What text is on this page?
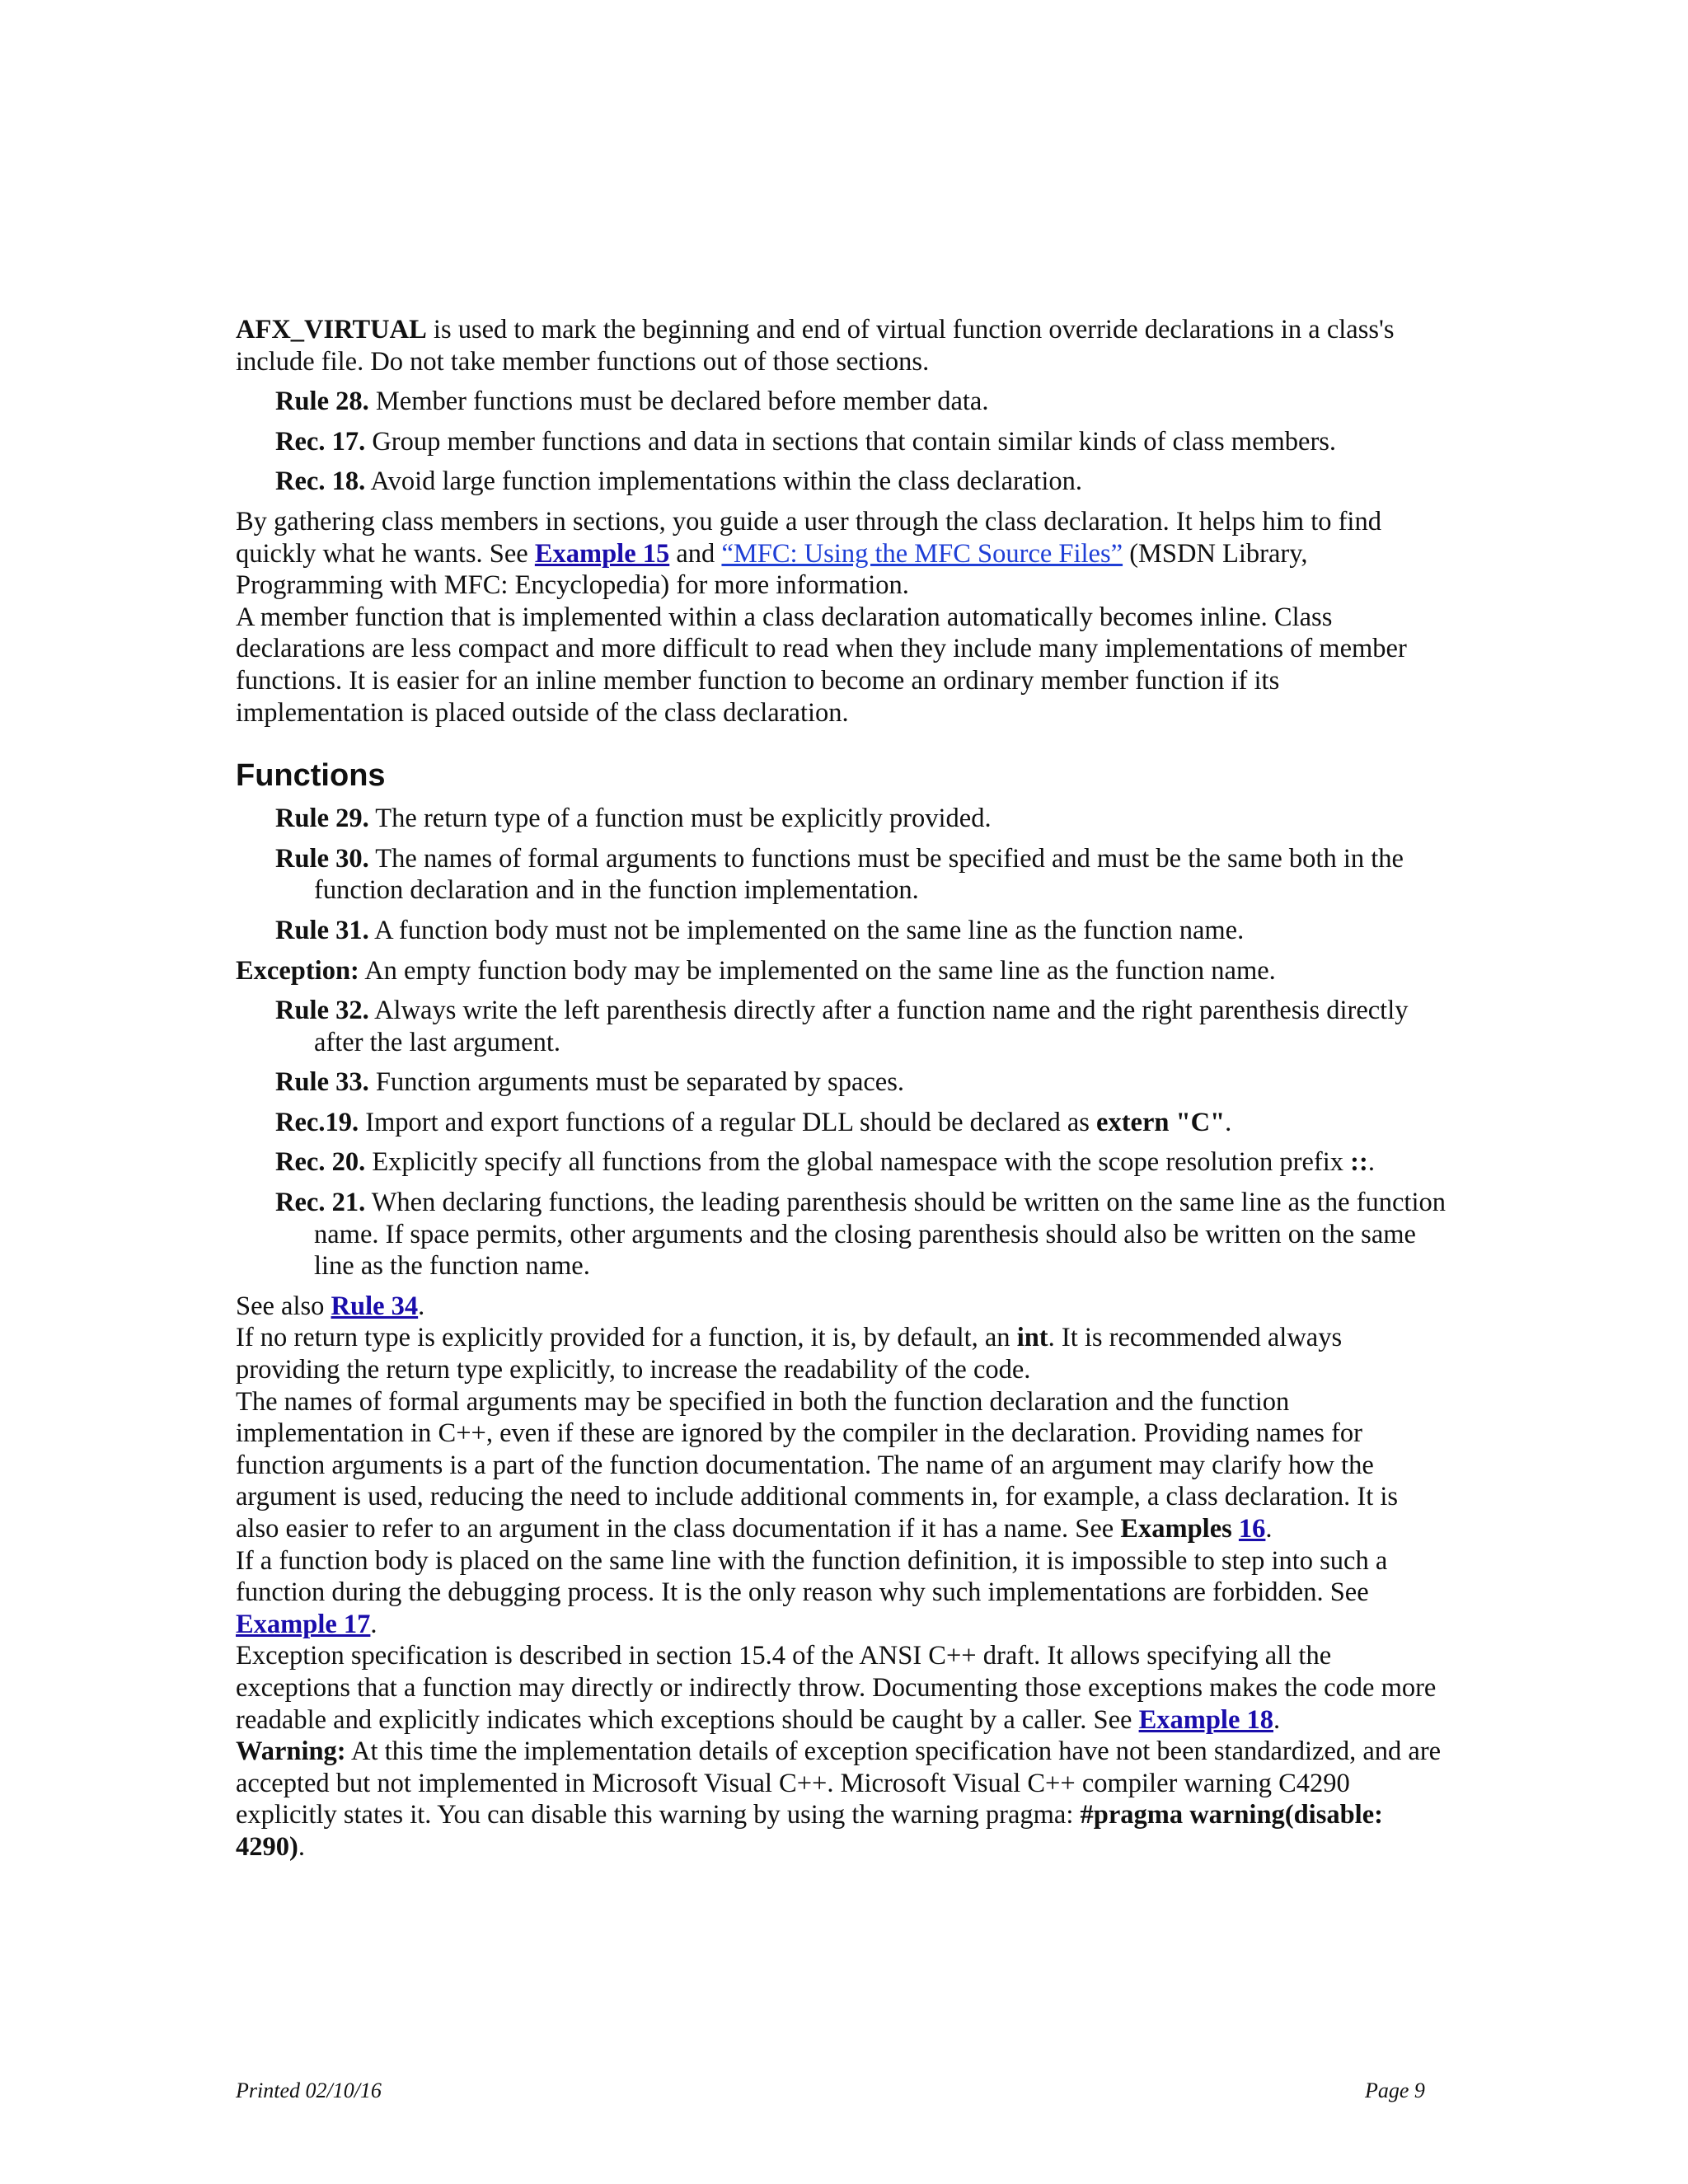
AFX_VIRTUAL is used to mark the beginning and end of virtual function override declarations in a class's include file. Do not take member functions out of those sections.

Rule 28. Member functions must be declared before member data.

Rec. 17. Group member functions and data in sections that contain similar kinds of class members.

Rec. 18. Avoid large function implementations within the class declaration.

By gathering class members in sections, you guide a user through the class declaration. It helps him to find quickly what he wants. See Example 15 and “MFC: Using the MFC Source Files” (MSDN Library, Programming with MFC: Encyclopedia) for more information.

A member function that is implemented within a class declaration automatically becomes inline. Class declarations are less compact and more difficult to read when they include many implementations of member functions. It is easier for an inline member function to become an ordinary member function if its implementation is placed outside of the class declaration.

Functions

Rule 29. The return type of a function must be explicitly provided.

Rule 30. The names of formal arguments to functions must be specified and must be the same both in the function declaration and in the function implementation.

Rule 31. A function body must not be implemented on the same line as the function name.

Exception: An empty function body may be implemented on the same line as the function name.

Rule 32. Always write the left parenthesis directly after a function name and the right parenthesis directly after the last argument.

Rule 33. Function arguments must be separated by spaces.

Rec.19. Import and export functions of a regular DLL should be declared as extern "C".

Rec. 20. Explicitly specify all functions from the global namespace with the scope resolution prefix ::.

Rec. 21. When declaring functions, the leading parenthesis should be written on the same line as the function name. If space permits, other arguments and the closing parenthesis should also be written on the same line as the function name.

See also Rule 34.

If no return type is explicitly provided for a function, it is, by default, an int. It is recommended always providing the return type explicitly, to increase the readability of the code.

The names of formal arguments may be specified in both the function declaration and the function implementation in C++, even if these are ignored by the compiler in the declaration. Providing names for function arguments is a part of the function documentation. The name of an argument may clarify how the argument is used, reducing the need to include additional comments in, for example, a class declaration. It is also easier to refer to an argument in the class documentation if it has a name. See Examples 16.

If a function body is placed on the same line with the function definition, it is impossible to step into such a function during the debugging process. It is the only reason why such implementations are forbidden. See Example 17.

Exception specification is described in section 15.4 of the ANSI C++ draft. It allows specifying all the exceptions that a function may directly or indirectly throw. Documenting those exceptions makes the code more readable and explicitly indicates which exceptions should be caught by a caller. See Example 18.

Warning: At this time the implementation details of exception specification have not been standardized, and are accepted but not implemented in Microsoft Visual C++. Microsoft Visual C++ compiler warning C4290 explicitly states it. You can disable this warning by using the warning pragma: #pragma warning(disable: 4290).

Printed 02/10/16	Page 9
